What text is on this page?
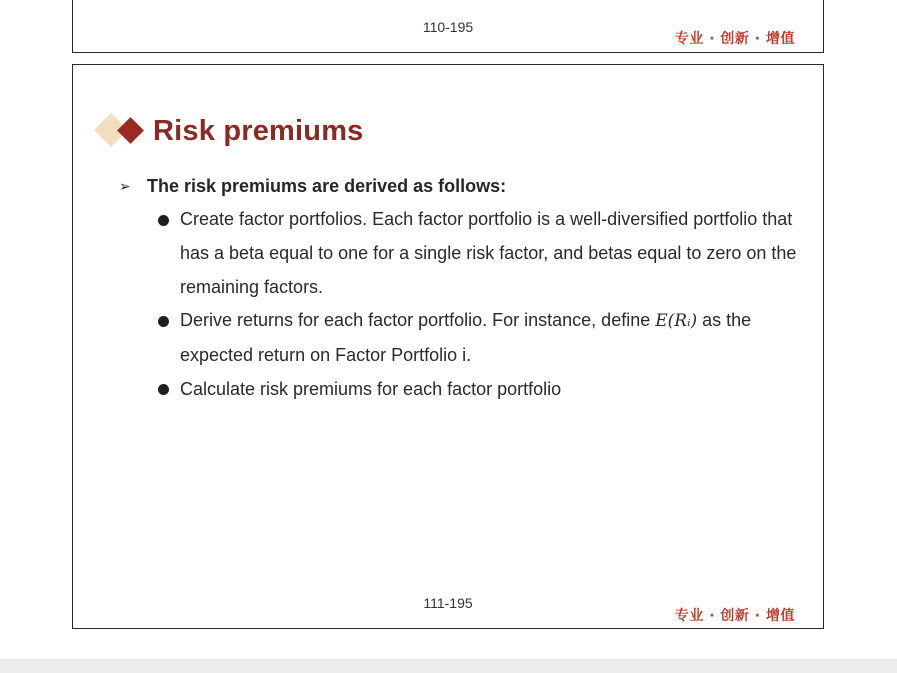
110-195
专业 · 创新 · 增值
Risk premiums
➢ The risk premiums are derived as follows:
Create factor portfolios. Each factor portfolio is a well-diversified portfolio that has a beta equal to one for a single risk factor, and betas equal to zero on the remaining factors.
Derive returns for each factor portfolio. For instance, define E(Rᵢ) as the expected return on Factor Portfolio i.
Calculate risk premiums for each factor portfolio
111-195
专业 · 创新 · 增值
